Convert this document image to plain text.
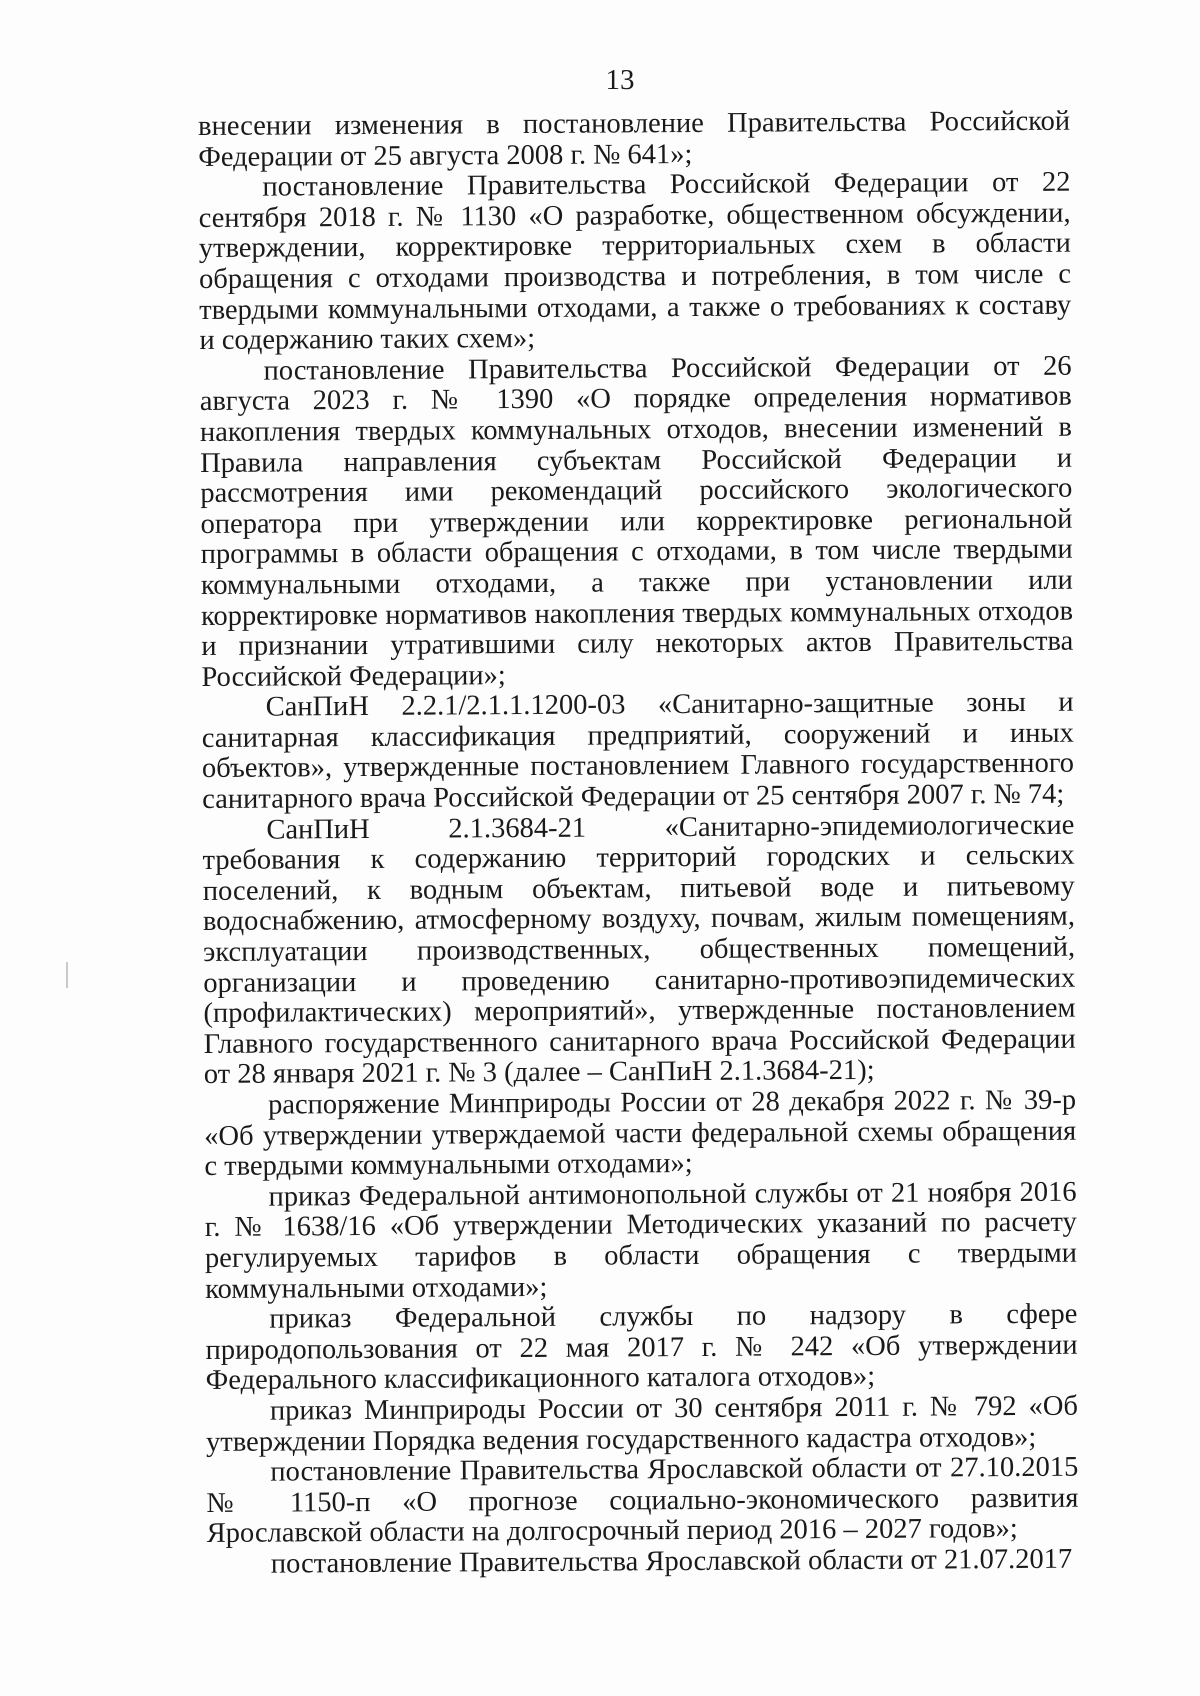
13

внесении изменения в постановление Правительства Российской Федерации от 25 августа 2008 г. № 641»;

постановление Правительства Российской Федерации от 22 сентября 2018 г. № 1130 «О разработке, общественном обсуждении, утверждении, корректировке территориальных схем в области обращения с отходами производства и потребления, в том числе с твердыми коммунальными отходами, а также о требованиях к составу и содержанию таких схем»;

постановление Правительства Российской Федерации от 26 августа 2023 г. № 1390 «О порядке определения нормативов накопления твердых коммунальных отходов, внесении изменений в Правила направления субъектам Российской Федерации и рассмотрения ими рекомендаций российского экологического оператора при утверждении или корректировке региональной программы в области обращения с отходами, в том числе твердыми коммунальными отходами, а также при установлении или корректировке нормативов накопления твердых коммунальных отходов и признании утратившими силу некоторых актов Правительства Российской Федерации»;

СанПиН 2.2.1/2.1.1.1200-03 «Санитарно-защитные зоны и санитарная классификация предприятий, сооружений и иных объектов», утвержденные постановлением Главного государственного санитарного врача Российской Федерации от 25 сентября 2007 г. № 74;

СанПиН 2.1.3684-21 «Санитарно-эпидемиологические требования к содержанию территорий городских и сельских поселений, к водным объектам, питьевой воде и питьевому водоснабжению, атмосферному воздуху, почвам, жилым помещениям, эксплуатации производственных, общественных помещений, организации и проведению санитарно-противоэпидемических (профилактических) мероприятий», утвержденные постановлением Главного государственного санитарного врача Российской Федерации от 28 января 2021 г. № 3 (далее – СанПиН 2.1.3684-21);

распоряжение Минприроды России от 28 декабря 2022 г. № 39-р «Об утверждении утверждаемой части федеральной схемы обращения с твердыми коммунальными отходами»;

приказ Федеральной антимонопольной службы от 21 ноября 2016 г. № 1638/16 «Об утверждении Методических указаний по расчету регулируемых тарифов в области обращения с твердыми коммунальными отходами»;

приказ Федеральной службы по надзору в сфере природопользования от 22 мая 2017 г. № 242 «Об утверждении Федерального классификационного каталога отходов»;

приказ Минприроды России от 30 сентября 2011 г. № 792 «Об утверждении Порядка ведения государственного кадастра отходов»;

постановление Правительства Ярославской области от 27.10.2015 № 1150-п «О прогнозе социально-экономического развития Ярославской области на долгосрочный период 2016 – 2027 годов»;

постановление Правительства Ярославской области от 21.07.2017
